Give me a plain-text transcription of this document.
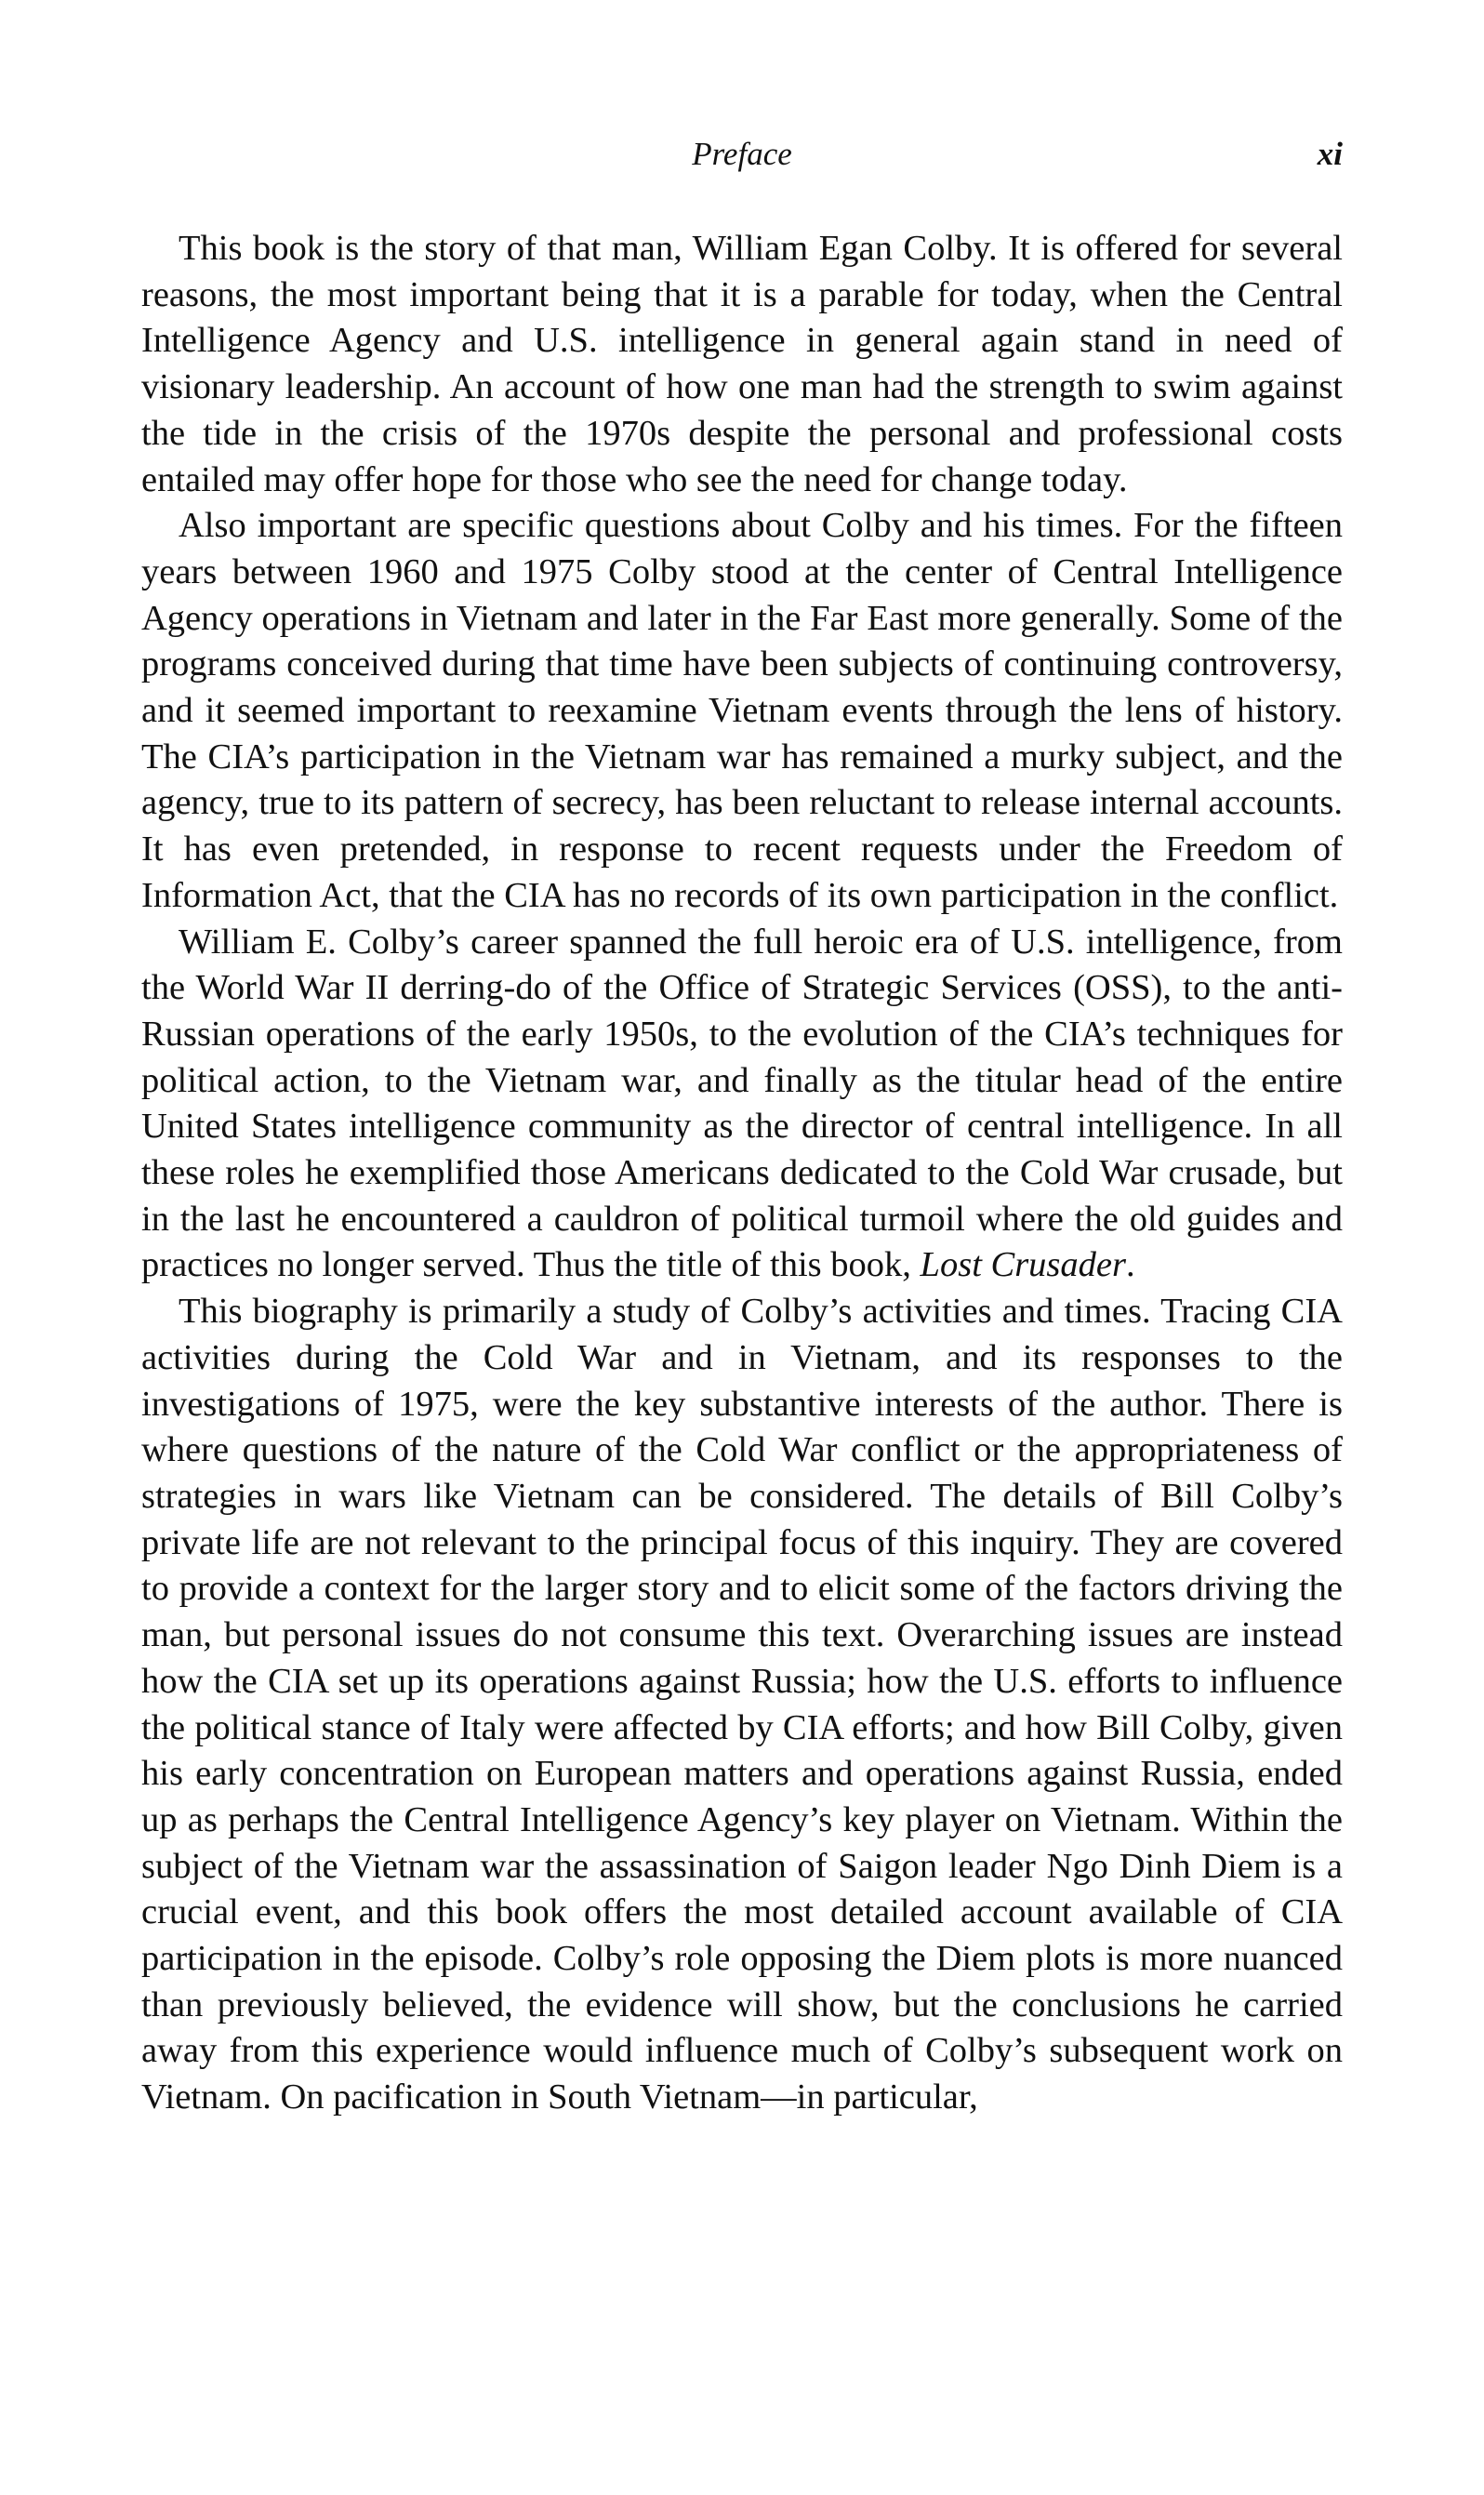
Preface	xi

This book is the story of that man, William Egan Colby. It is offered for several reasons, the most important being that it is a parable for today, when the Central Intelligence Agency and U.S. intelligence in general again stand in need of visionary leadership. An account of how one man had the strength to swim against the tide in the crisis of the 1970s despite the personal and professional costs entailed may offer hope for those who see the need for change today.

Also important are specific questions about Colby and his times. For the fifteen years between 1960 and 1975 Colby stood at the center of Central Intelligence Agency operations in Vietnam and later in the Far East more generally. Some of the programs conceived during that time have been subjects of continuing controversy, and it seemed important to reexamine Vietnam events through the lens of history. The CIA’s participation in the Vietnam war has remained a murky subject, and the agency, true to its pattern of secrecy, has been reluctant to release internal accounts. It has even pretended, in response to recent requests under the Freedom of Information Act, that the CIA has no records of its own participation in the conflict.

William E. Colby’s career spanned the full heroic era of U.S. intelligence, from the World War II derring-do of the Office of Strategic Services (OSS), to the anti-Russian operations of the early 1950s, to the evolution of the CIA’s techniques for political action, to the Vietnam war, and finally as the titular head of the entire United States intelligence community as the director of central intelligence. In all these roles he exemplified those Americans dedicated to the Cold War crusade, but in the last he encountered a cauldron of political turmoil where the old guides and practices no longer served. Thus the title of this book, Lost Crusader.

This biography is primarily a study of Colby’s activities and times. Tracing CIA activities during the Cold War and in Vietnam, and its responses to the investigations of 1975, were the key substantive interests of the author. There is where questions of the nature of the Cold War conflict or the appropriateness of strategies in wars like Vietnam can be considered. The details of Bill Colby’s private life are not relevant to the principal focus of this inquiry. They are covered to provide a context for the larger story and to elicit some of the factors driving the man, but personal issues do not consume this text. Overarching issues are instead how the CIA set up its operations against Russia; how the U.S. efforts to influence the political stance of Italy were affected by CIA efforts; and how Bill Colby, given his early concentration on European matters and operations against Russia, ended up as perhaps the Central Intelligence Agency’s key player on Vietnam. Within the subject of the Vietnam war the assassination of Saigon leader Ngo Dinh Diem is a crucial event, and this book offers the most detailed account available of CIA participation in the episode. Colby’s role opposing the Diem plots is more nuanced than previously believed, the evidence will show, but the conclusions he carried away from this experience would influence much of Colby’s subsequent work on Vietnam. On pacification in South Vietnam—in particular,
